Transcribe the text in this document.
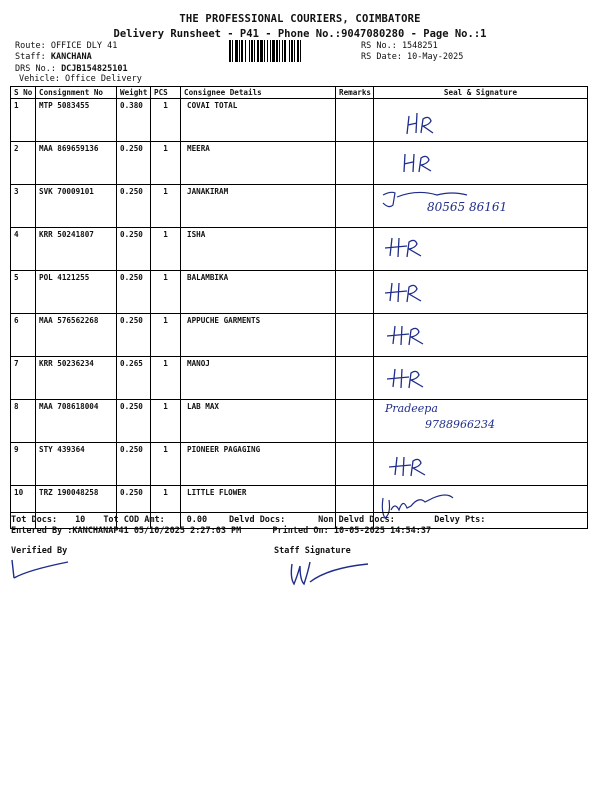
THE PROFESSIONAL COURIERS, COIMBATORE
Delivery Runsheet - P41 - Phone No.:9047080280 - Page No.:1
Route: OFFICE DLY 41
Staff: KANCHANA
DRS No.: DCJB154825101
Vehicle: Office Delivery
RS No.: 1548251
RS Date: 10-May-2025
S No	Consignment No	Weight	PCS	Consignee Details	Remarks	Seal & Signature
1	MTP 5083455	0.380	1	COVAI TOTAL		

2	MAA 869659136	0.250	1	MEERA		

3	SVK 70009101	0.250	1	JANAKIRAM		80565 86161

4	KRR 50241807	0.250	1	ISHA		

5	POL 4121255	0.250	1	BALAMBIKA		

6	MAA 576562268	0.250	1	APPUCHE GARMENTS		

7	KRR 50236234	0.265	1	MANOJ		

8	MAA 708618004	0.250	1	LAB MAX		Pradeepa
9788966234

9	STY 439364	0.250	1	PIONEER PAGAGING		

10	TRZ 190048258	0.250	1	LITTLE FLOWER		
Tot Docs: 10 Tot COD Amt:	0.00	Delvd Docs:	Non Delvd Docs:	Delvy Pts:
Entered By :KANCHANAP41 05/10/2025 2:27:03 PM	Printed On: 10-05-2025 14:54:37
Verified By	Staff Signature
